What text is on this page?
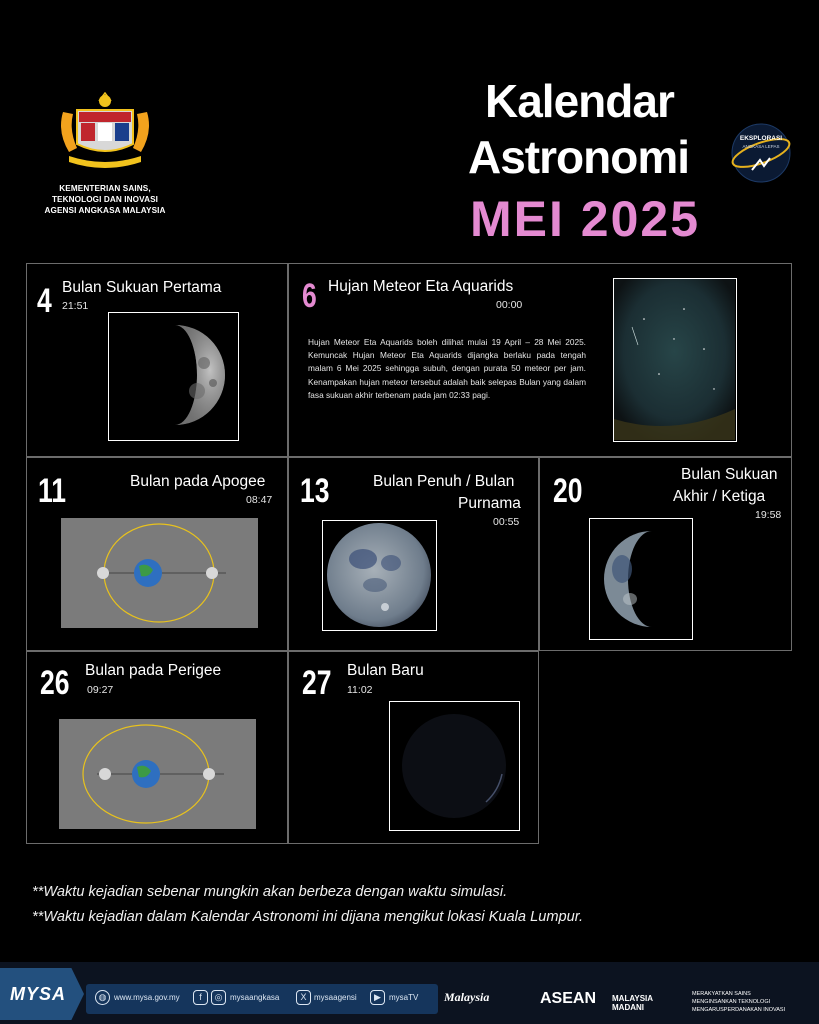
KEMENTERIAN SAINS,
TEKNOLOGI DAN INOVASI
AGENSI ANGKASA MALAYSIA
Kalendar
Astronomi
MEI 2025
EKSPLORASI
ANGKASA LEPAS
4 Bulan Sukuan Pertama
21:51	6 Hujan Meteor Eta Aquarids
00:00
Hujan Meteor Eta Aquarids boleh dilihat mulai 19 April – 28 Mei 2025. Kemuncak Hujan Meteor Eta Aquarids dijangka berlaku pada tengah malam 6 Mei 2025 sehingga subuh, dengan purata 50 meteor per jam. Kenampakan hujan meteor tersebut adalah baik selepas Bulan yang dalam fasa sukuan akhir terbenam pada jam 02:33 pagi.
11	Bulan pada Apogee
08:47 13	Bulan Penuh / Bulan
Purnama
00:55
20	Bulan Sukuan
Akhir / Ketiga
19:58
26 Bulan pada Perigee
09:27	27 Bulan Baru
11:02
**Waktu kejadian sebenar mungkin akan berbeza dengan waktu simulasi.
**Waktu kejadian dalam Kalendar Astronomi ini dijana mengikut lokasi Kuala Lumpur.
MYSA	◍ www.mysa.gov.my	f	◎ mysaangkasa	X mysaagensi	▶	mysaTV Malaysia	ASEAN MALAYSIA MADANI
MERAKYATKAN SAINS
MENGINSANKAN TEKNOLOGI
MENGARUSPERDANAKAN INOVASI
